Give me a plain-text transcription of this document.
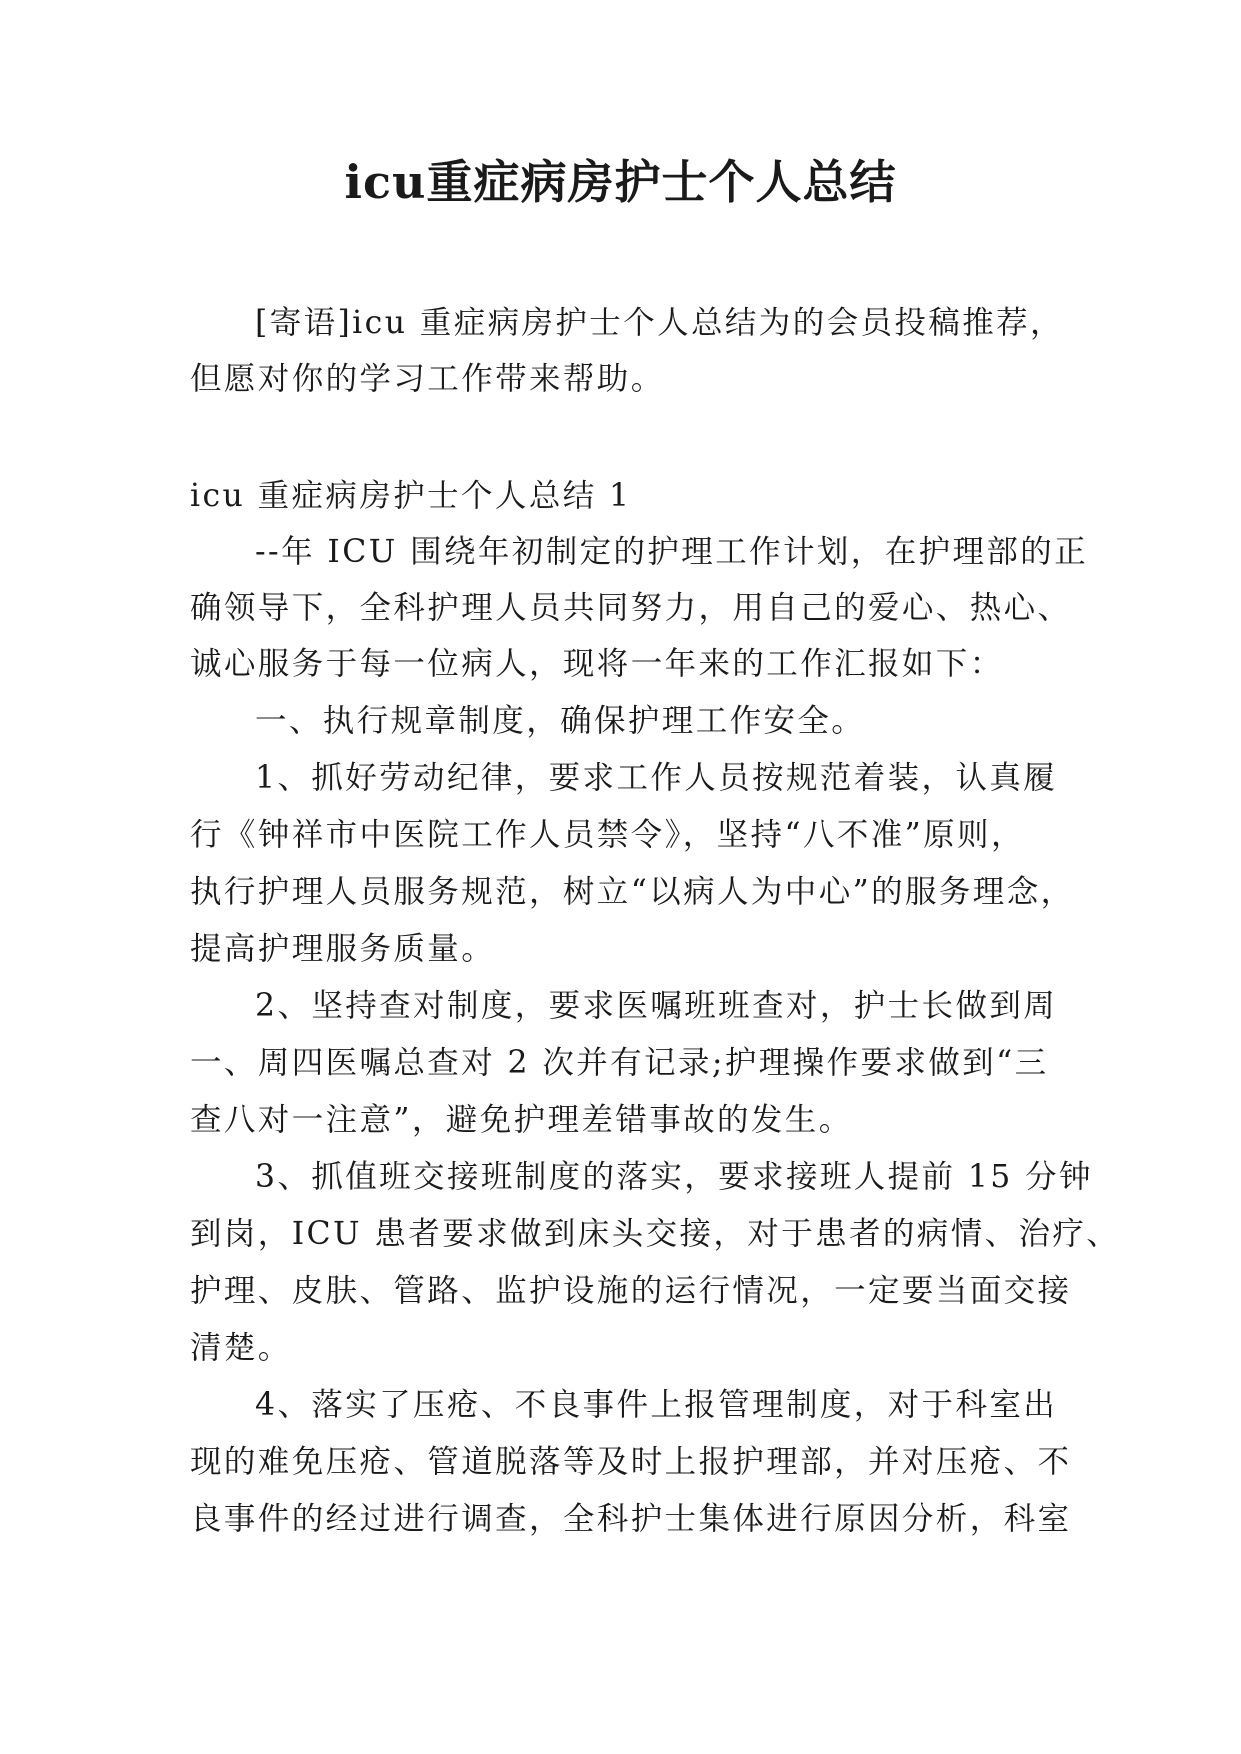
icu重症病房护士个人总结
[寄语]icu 重症病房护士个人总结为的会员投稿推荐，
但愿对你的学习工作带来帮助。
icu 重症病房护士个人总结 1
--年 ICU 围绕年初制定的护理工作计划，在护理部的正
确领导下，全科护理人员共同努力，用自己的爱心、热心、
诚心服务于每一位病人，现将一年来的工作汇报如下：
一、执行规章制度，确保护理工作安全。
1、抓好劳动纪律，要求工作人员按规范着装，认真履
行《钟祥市中医院工作人员禁令》，坚持“八不准”原则，
执行护理人员服务规范，树立“以病人为中心”的服务理念，
提高护理服务质量。
2、坚持查对制度，要求医嘱班班查对，护士长做到周
一、周四医嘱总查对 2 次并有记录;护理操作要求做到“三
查八对一注意”，避免护理差错事故的发生。
3、抓值班交接班制度的落实，要求接班人提前 15 分钟
到岗，ICU 患者要求做到床头交接，对于患者的病情、治疗、
护理、皮肤、管路、监护设施的运行情况，一定要当面交接
清楚。
4、落实了压疮、不良事件上报管理制度，对于科室出
现的难免压疮、管道脱落等及时上报护理部，并对压疮、不
良事件的经过进行调查，全科护士集体进行原因分析，科室
